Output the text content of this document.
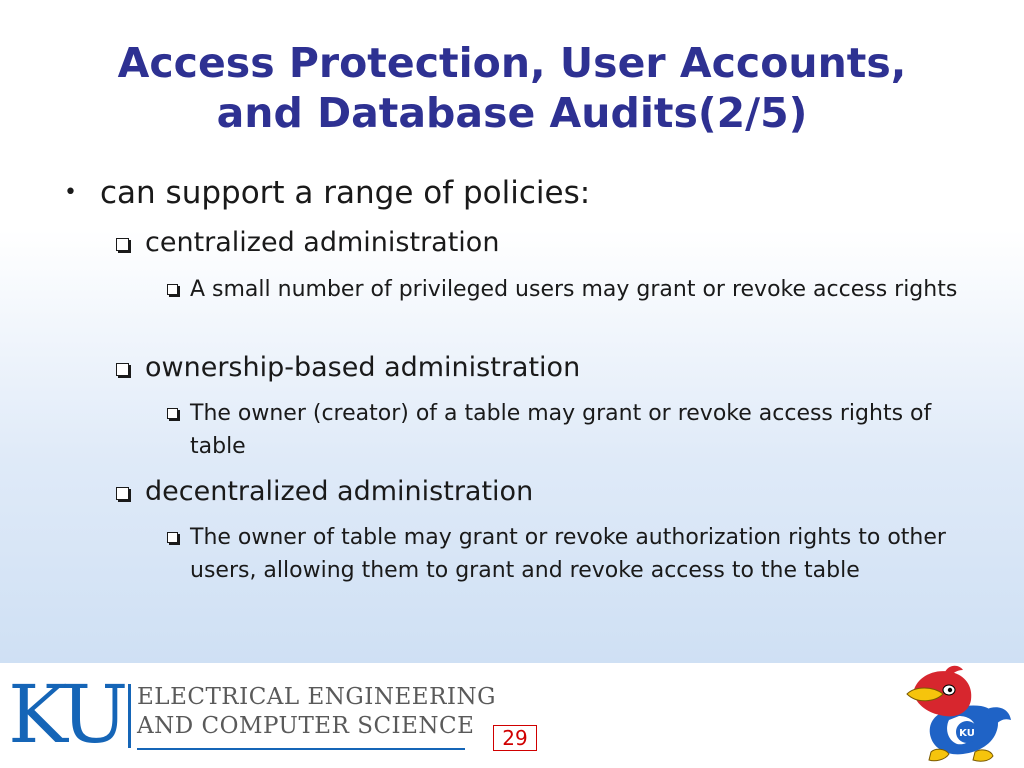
Access Protection, User Accounts,
and Database Audits(2/5)
• can support a range of policies:
centralized administration
A small number of privileged users may grant or revoke access rights
ownership-based administration
The owner (creator) of a table may grant or revoke access rights of table
decentralized administration
The owner of table may grant or revoke authorization rights to other users, allowing them to grant and revoke access to the table
KU ELECTRICAL ENGINEERING
AND COMPUTER SCIENCE	29	KU
